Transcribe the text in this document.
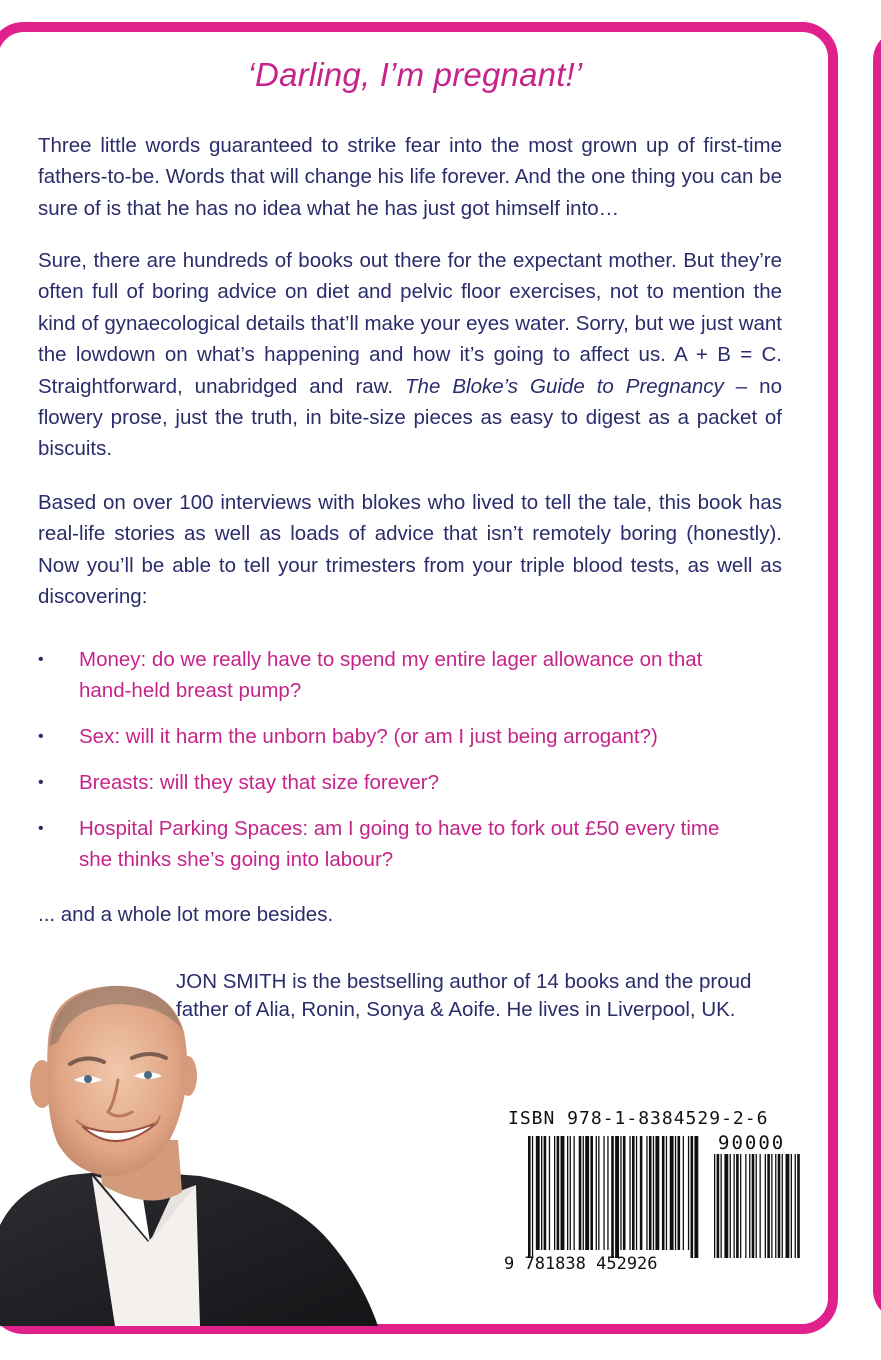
‘Darling, I’m pregnant!’

Three little words guaranteed to strike fear into the most grown up of first-time fathers-to-be. Words that will change his life forever. And the one thing you can be sure of is that he has no idea what he has just got himself into…

Sure, there are hundreds of books out there for the expectant mother. But they’re often full of boring advice on diet and pelvic floor exercises, not to mention the kind of gynaecological details that’ll make your eyes water. Sorry, but we just want the lowdown on what’s happening and how it’s going to affect us. A + B = C. Straightforward, unabridged and raw. The Bloke’s Guide to Pregnancy – no flowery prose, just the truth, in bite-size pieces as easy to digest as a packet of biscuits.

Based on over 100 interviews with blokes who lived to tell the tale, this book has real-life stories as well as loads of advice that isn’t remotely boring (honestly). Now you’ll be able to tell your trimesters from your triple blood tests, as well as discovering:

• Money: do we really have to spend my entire lager allowance on that hand-held breast pump?
• Sex: will it harm the unborn baby? (or am I just being arrogant?)
• Breasts: will they stay that size forever?
• Hospital Parking Spaces: am I going to have to fork out £50 every time she thinks she’s going into labour?
... and a whole lot more besides.
JON SMITH is the bestselling author of 14 books and the proud father of Alia, Ronin, Sonya & Aoife. He lives in Liverpool, UK.
ISBN 978-1-8384529-2-6
90000
9 781838 452926
